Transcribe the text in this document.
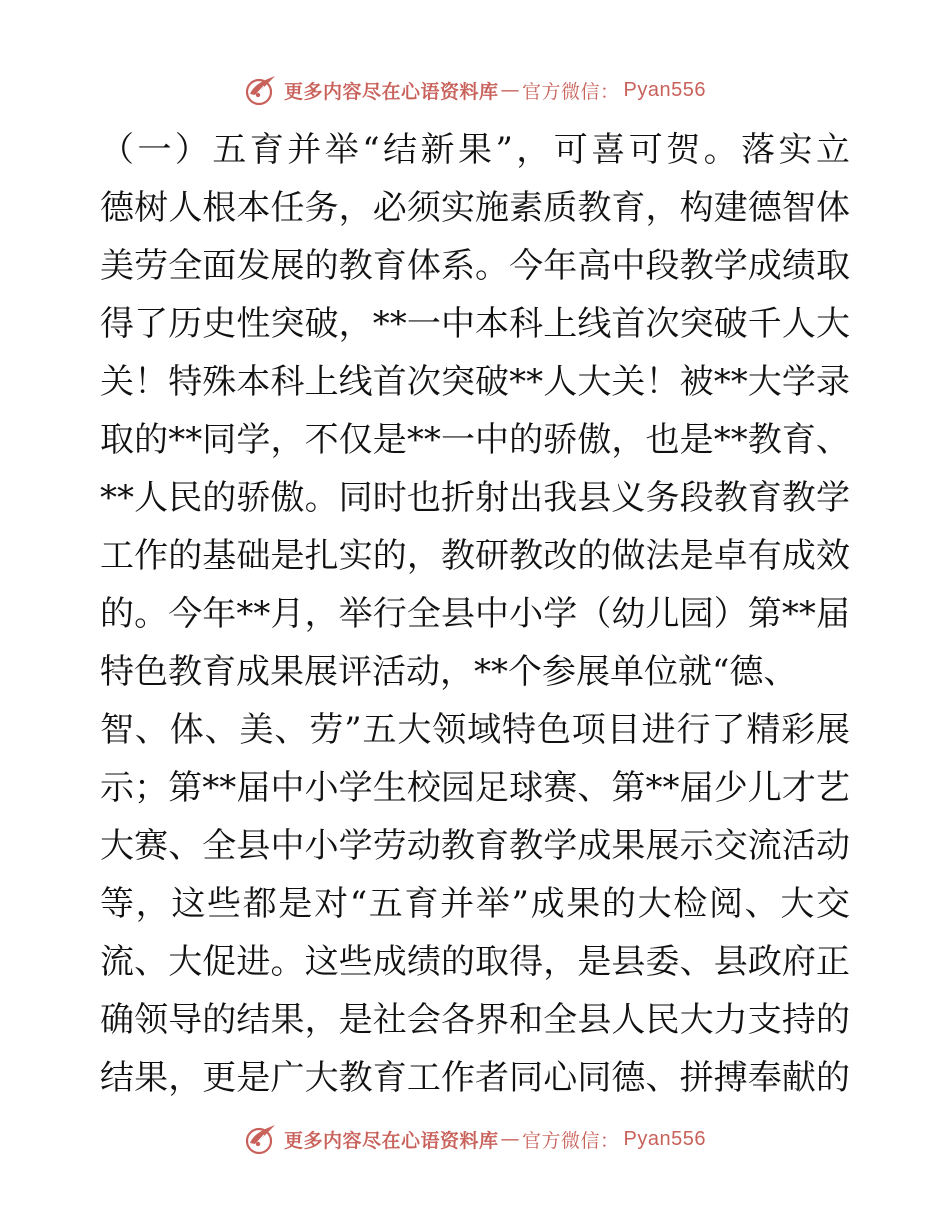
更多内容尽在心语资料库 — 官方微信： Pyan556
（一）五育并举“结新果”，可喜可贺。落实立
德树人根本任务，必须实施素质教育，构建德智体
美劳全面发展的教育体系。今年高中段教学成绩取
得了历史性突破，**一中本科上线首次突破千人大
关！特殊本科上线首次突破**人大关！被**大学录
取的**同学，不仅是**一中的骄傲，也是**教育、
**人民的骄傲。同时也折射出我县义务段教育教学
工作的基础是扎实的，教研教改的做法是卓有成效
的。今年**月，举行全县中小学（幼儿园）第**届
特色教育成果展评活动，**个参展单位就“德、
智、体、美、劳”五大领域特色项目进行了精彩展
示；第**届中小学生校园足球赛、第**届少儿才艺
大赛、全县中小学劳动教育教学成果展示交流活动
等，这些都是对“五育并举”成果的大检阅、大交
流、大促进。这些成绩的取得，是县委、县政府正
确领导的结果，是社会各界和全县人民大力支持的
结果，更是广大教育工作者同心同德、拼搏奉献的
更多内容尽在心语资料库 — 官方微信： Pyan556
